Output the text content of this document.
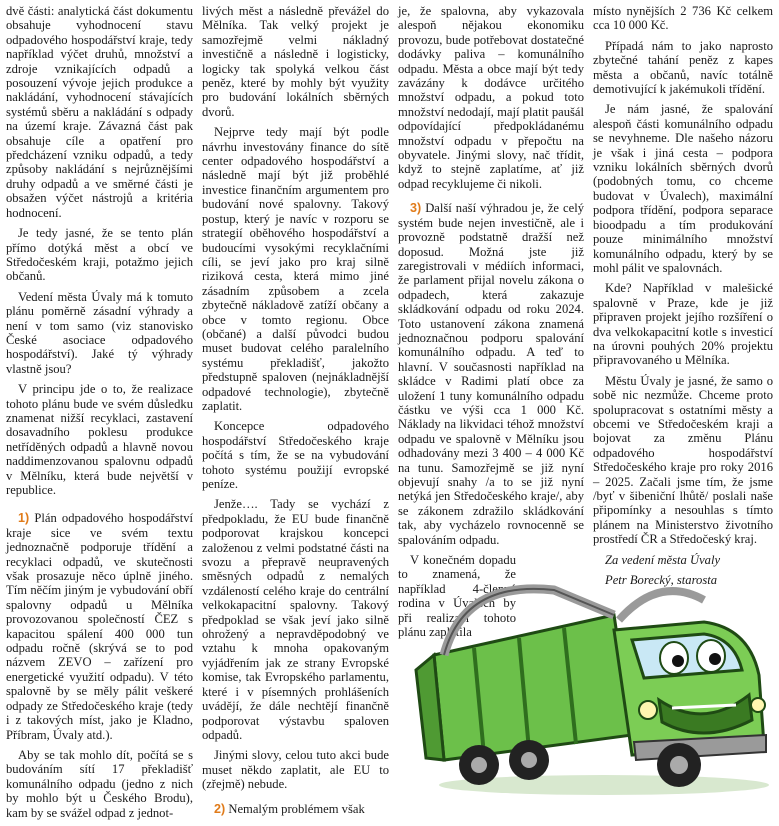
dvě části: analytická část dokumentu obsahuje vyhodnocení stavu odpadového hospodářství kraje, tedy například výčet druhů, množství a zdroje vznikajících odpadů a posouzení vývoje jejich produkce a nakládání, vyhodnocení stávajících systémů sběru a nakládání s odpady na území kraje. Závazná část pak obsahuje cíle a opatření pro předcházení vzniku odpadů, a tedy způsoby nakládání s nejrůznějšími druhy odpadů a ve směrné části je obsažen výčet nástrojů a kritéria hodnocení.

Je tedy jasné, že se tento plán přímo dotýká měst a obcí ve Středočeském kraji, potažmo jejich občanů.

Vedení města Úvaly má k tomuto plánu poměrně zásadní výhrady a není v tom samo (viz stanovisko České asociace odpadového hospodářství). Jaké tý výhrady vlastně jsou?

V principu jde o to, že realizace tohoto plánu bude ve svém důsledku znamenat nižší recyklaci, zastavení dosavadního poklesu produkce netříděných odpadů a hlavně novou naddimenzovanou spalovnu odpadů v Mělníku, která bude největší v republice.

1) Plán odpadového hospodářství kraje sice ve svém textu jednoznačně podporuje třídění a recyklaci odpadů, ve skutečnosti však prosazuje něco úplně jiného. Tím něčím jiným je vybudování obří spalovny odpadů u Mělníka provozovanou společností ČEZ s kapacitou spálení 400 000 tun odpadu ročně (skrývá se to pod názvem ZEVO – zařízení pro energetické využití odpadu). V této spalovně by se měly pálit veškeré odpady ze Středočeského kraje (tedy i z takových míst, jako je Kladno, Příbram, Úvaly atd.).

Aby se tak mohlo dít, počítá se s budováním sítí 17 překladišť komunálního odpadu (jedno z nich by mohlo být u Českého Brodu), kam by se svážel odpad z jednot-

livých měst a následně převážel do Mělníka. Tak velký projekt je samozřejmě velmi nákladný investičně a následně i logisticky, logicky tak spolyká velkou část peněz, které by mohly být využity pro budování lokálních sběrných dvorů.

Nejprve tedy mají být podle návrhu investovány finance do sítě center odpadového hospodářství a následně mají být již proběhlé investice finančním argumentem pro budování nové spalovny. Takový postup, který je navíc v rozporu se strategií oběhového hospodářství a budoucími vysokými recyklačními cíli, se jeví jako pro kraj silně riziková cesta, která mimo jiné zásadním způsobem a zcela zbytečně nákladově zatíží občany a obce v tomto regionu. Obce (občané) a další původci budou muset budovat celého paralelního systému překladišť, jakožto předstupně spaloven (nejnákladnější odpadové technologie), zbytečně zaplatit.

Koncepce odpadového hospodářství Středočeského kraje počítá s tím, že se na vybudování tohoto systému použijí evropské peníze.

Jenže…. Tady se vychází z předpokladu, že EU bude finančně podporovat krajskou koncepci založenou z velmi podstatné části na svozu a přepravě neupravených směsných odpadů z nemalých vzdáleností celého kraje do centrální velkokapacitní spalovny. Takový předpoklad se však jeví jako silně ohrožený a nepravděpodobný ve vztahu k mnoha opakovaným vyjádřením jak ze strany Evropské komise, tak Evropského parlamentu, které i v písemných prohlášeních uvádějí, že dále nechtějí finančně podporovat výstavbu spaloven odpadů.

Jinými slovy, celou tuto akci bude muset někdo zaplatit, ale EU to (zřejmě) nebude.

2) Nemalým problémem však

je, že spalovna, aby vykazovala alespoň nějakou ekonomiku provozu, bude potřebovat dostatečné dodávky paliva – komunálního odpadu. Města a obce mají být tedy zavázány k dodávce určitého množství odpadu, a pokud toto množství nedodají, mají platit paušál odpovídající předpokládanému množství odpadu v přepočtu na obyvatele. Jinými slovy, nač třídit, když to stejně zaplatíme, ať již odpad recyklujeme či nikoli.

3) Další naší výhradou je, že celý systém bude nejen investičně, ale i provozně podstatně dražší než doposud. Možná jste již zaregistrovali v médiích informaci, že parlament přijal novelu zákona o odpadech, která zakazuje skládkování odpadu od roku 2024. Toto ustanovení zákona znamená jednoznačnou podporu spalování komunálního odpadu. A teď to hlavní. V současnosti například na skládce v Radimi platí obce za uložení 1 tuny komunálního odpadu částku ve výši cca 1 000 Kč. Náklady na likvidaci téhož množství odpadu ve spalovně v Mělníku jsou odhadovány mezi 3 400 – 4 000 Kč na tunu. Samozřejmě se již nyní objevují snahy /a to se již nyní netýká jen Středočeského kraje/, aby se zákonem zdražilo skládkování tak, aby vycházelo rovnocenně se spalováním odpadu.

V konečném dopadu to znamená, že například 4-členná rodina v Úvalech by při realizaci tohoto plánu zaplatila

místo nynějších 2 736 Kč celkem cca 10 000 Kč.

Případá nám to jako naprosto zbytečné tahání peněz z kapes města a občanů, navíc totálně demotivující k jakémukoli třídění.

Je nám jasné, že spalování alespoň části komunálního odpadu se nevyhneme. Dle našeho názoru je však i jiná cesta – podpora vzniku lokálních sběrných dvorů (podobných tomu, co chceme budovat v Úvalech), maximální podpora třídění, podpora separace bioodpadu a tím produkování pouze minimálního množství komunálního odpadu, který by se mohl pálit ve spalovnách.

Kde? Například v malešické spalovně v Praze, kde je již připraven projekt jejího rozšíření o dva velkokapacitní kotle s investicí na úrovni pouhých 20% projektu připravovaného u Mělníka.

Městu Úvaly je jasné, že samo o sobě nic nezmůže. Chceme proto spolupracovat s ostatními městy a obcemi ve Středočeském kraji a bojovat za změnu Plánu odpadového hospodářství Středočeského kraje pro roky 2016 – 2025. Začali jsme tím, že jsme /byť v šibeniční lhůtě/ poslali naše připomínky a nesouhlas s tímto plánem na Ministerstvo životního prostředí ČR a Středočeský kraj.

Za vedení města Úvaly

Petr Borecký, starosta
